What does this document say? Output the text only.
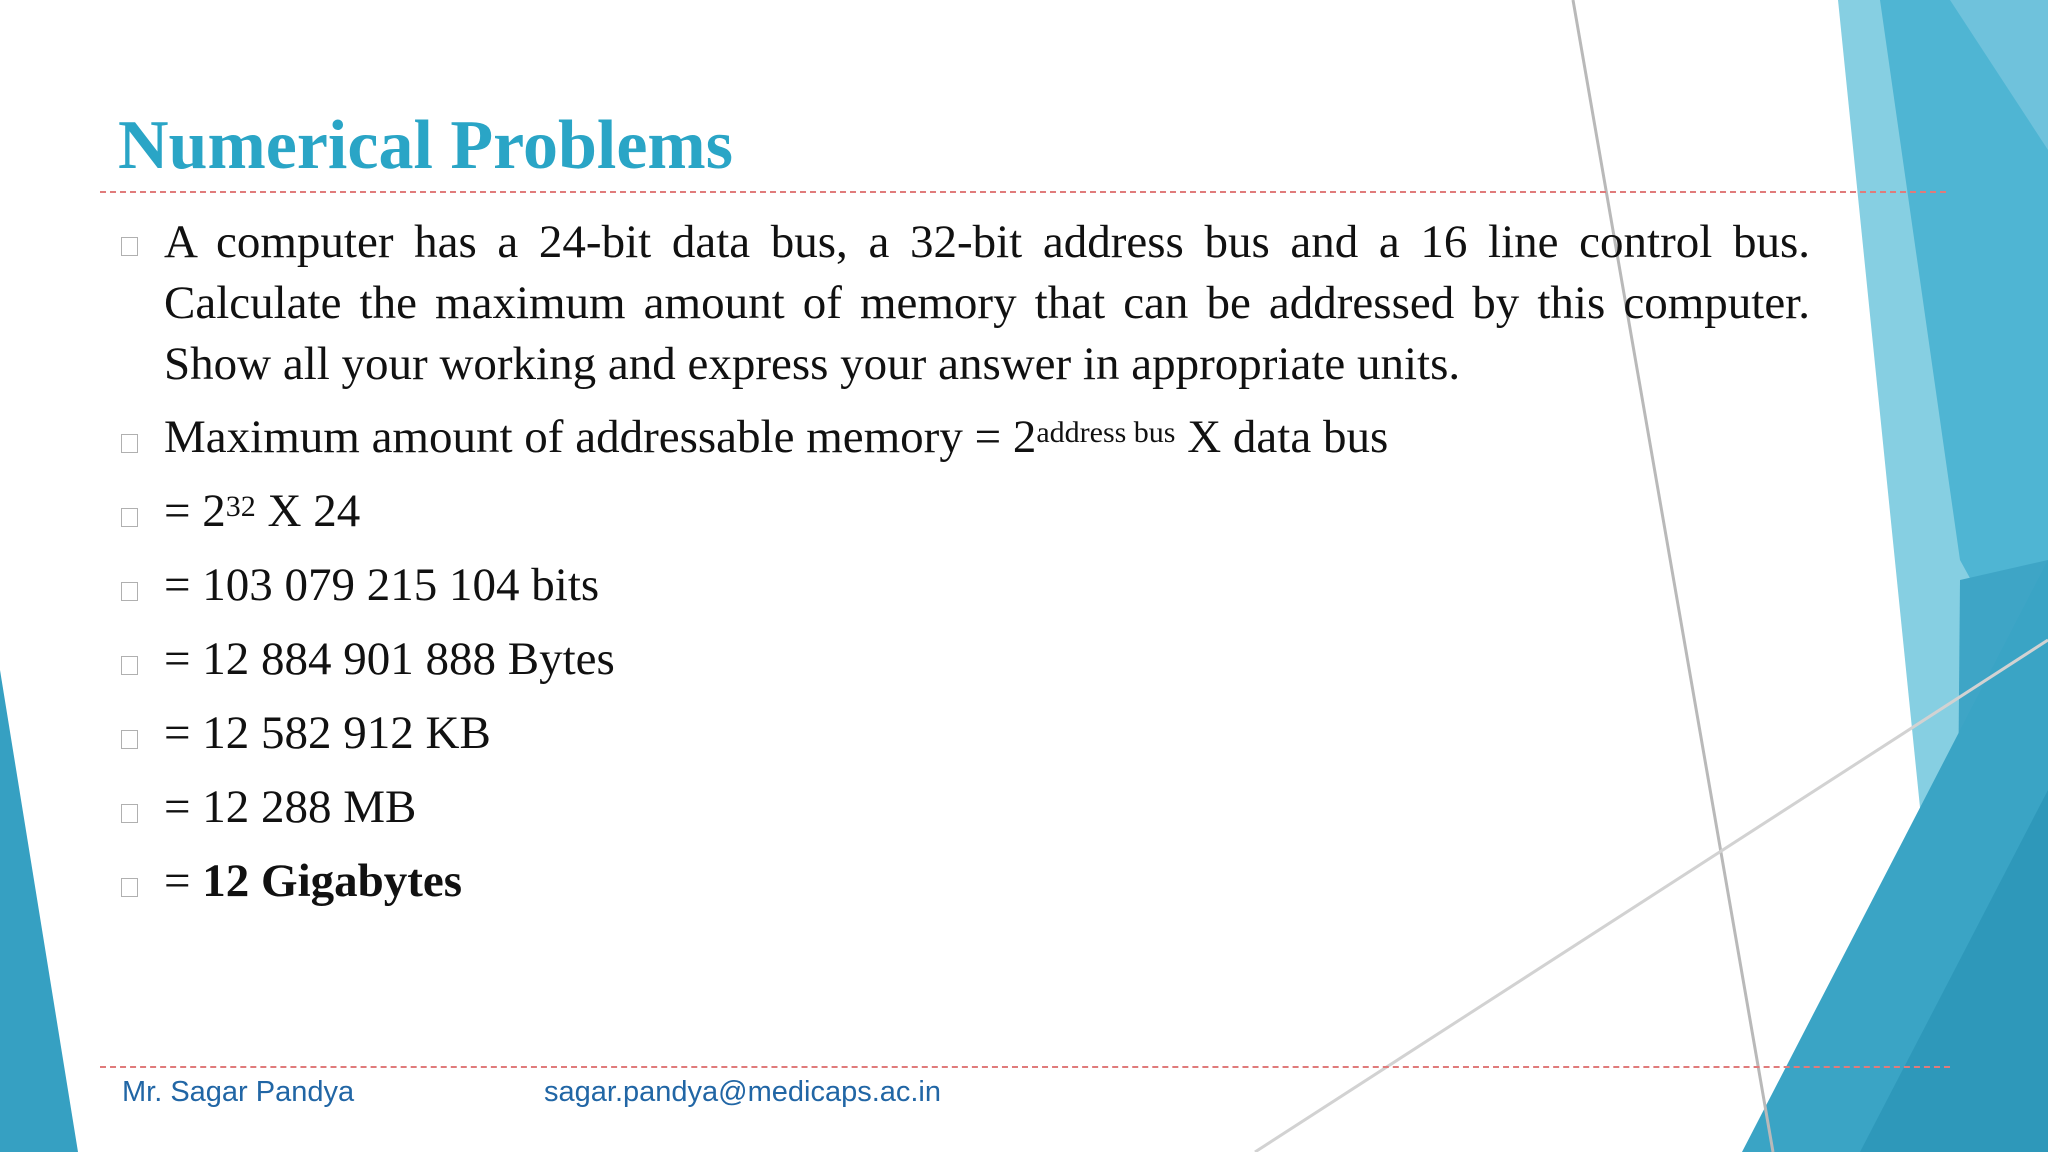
Numerical Problems
A computer has a 24-bit data bus, a 32-bit address bus and a 16 line control bus. Calculate the maximum amount of memory that can be addressed by this computer. Show all your working and express your answer in appropriate units.
Maximum amount of addressable memory = $2^{address bus}$ X data bus
= $2^{32}$ X 24
= 103 079 215 104 bits
= 12 884 901 888 Bytes
= 12 582 912 KB
= 12 288 MB
= 12 Gigabytes
Mr. Sagar Pandya	sagar.pandya@medicaps.ac.in
